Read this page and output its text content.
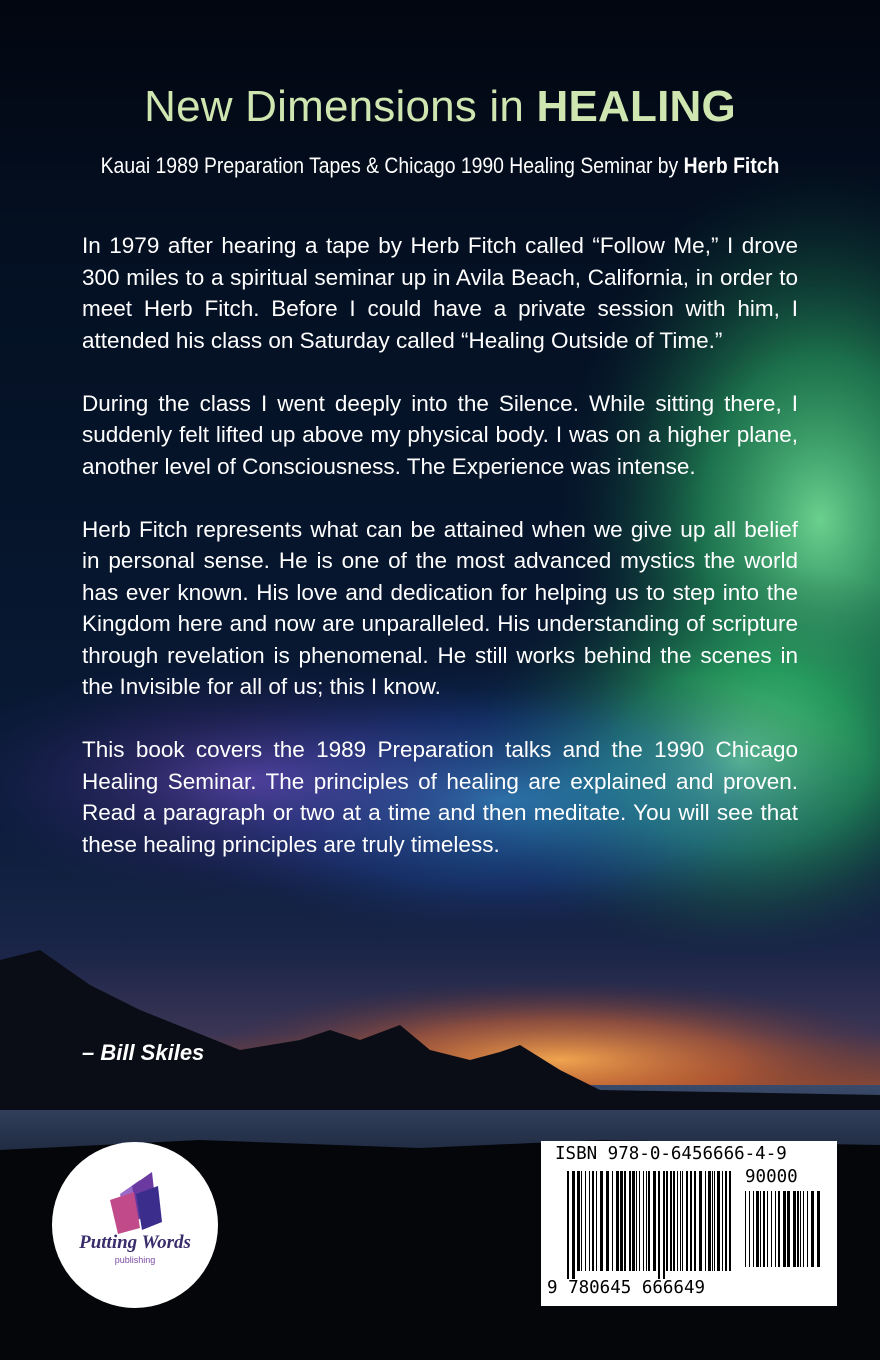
New Dimensions in HEALING
Kauai 1989 Preparation Tapes & Chicago 1990 Healing Seminar by Herb Fitch

In 1979 after hearing a tape by Herb Fitch called “Follow Me,” I drove 300 miles to a spiritual seminar up in Avila Beach, California, in order to meet Herb Fitch. Before I could have a private session with him, I attended his class on Saturday called “Healing Outside of Time.”

During the class I went deeply into the Silence. While sitting there, I suddenly felt lifted up above my physical body. I was on a higher plane, another level of Consciousness. The Experience was intense.

Herb Fitch represents what can be attained when we give up all belief in personal sense. He is one of the most advanced mystics the world has ever known. His love and dedication for helping us to step into the Kingdom here and now are unparalleled. His understanding of scripture through revelation is phenomenal. He still works behind the scenes in the Invisible for all of us; this I know.

This book covers the 1989 Preparation talks and the 1990 Chicago Healing Seminar. The principles of healing are explained and proven. Read a paragraph or two at a time and then meditate. You will see that these healing principles are truly timeless.

– Bill Skiles
Putting Words
publishing
ISBN 978-0-6456666-4-9
90000
9 780645 666649
